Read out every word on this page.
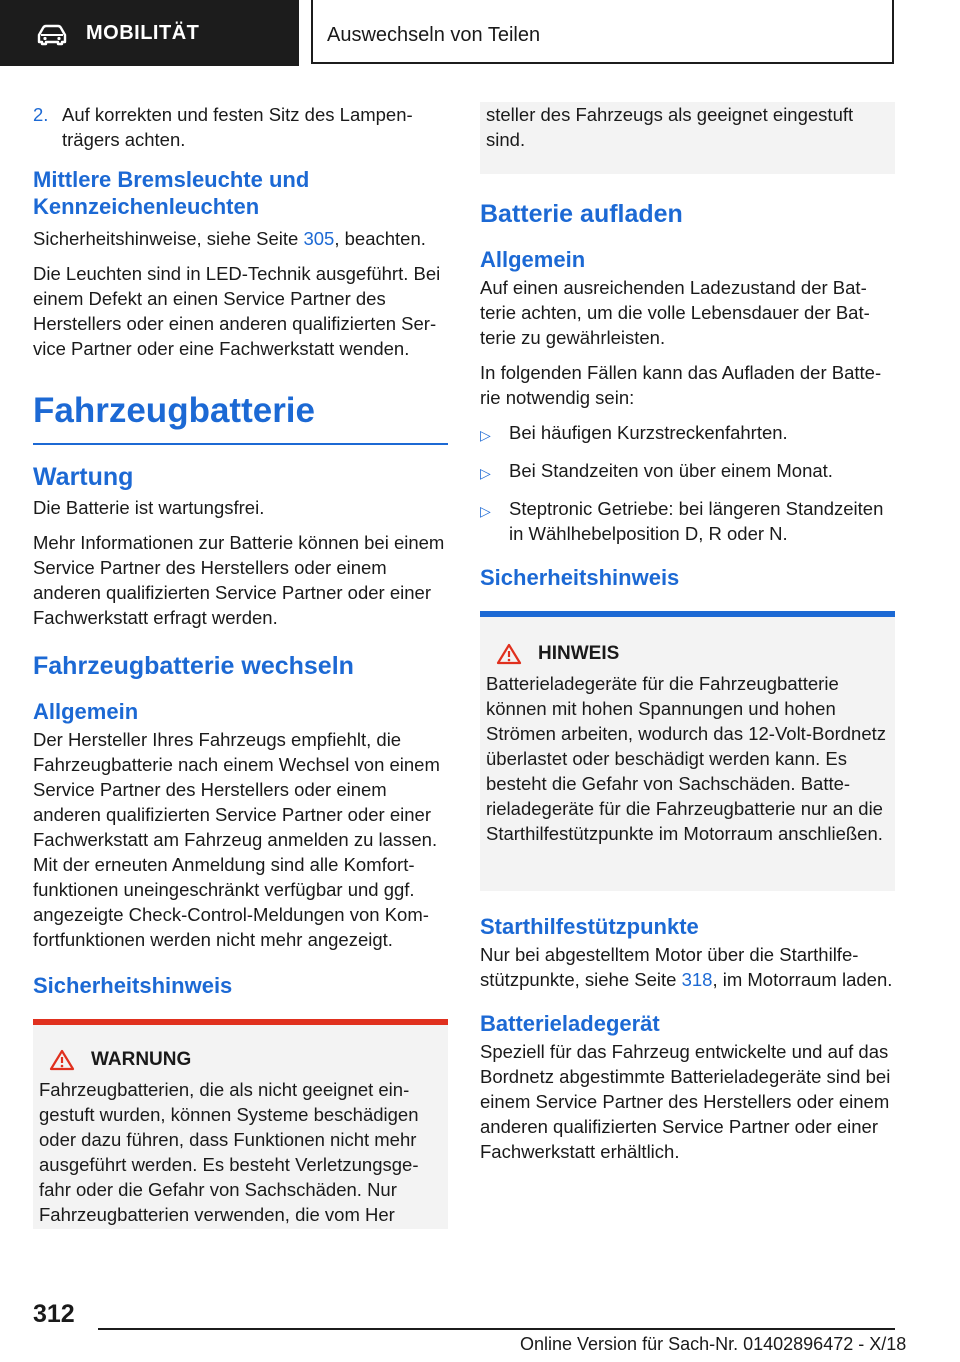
MOBILITÄT	Auswechseln von Teilen
2. Auf korrekten und festen Sitz des Lampenträgers achten.
Mittlere Bremsleuchte und Kennzeichenleuchten

Sicherheitshinweise, siehe Seite 305, beachten.

Die Leuchten sind in LED-Technik ausgeführt. Bei einem Defekt an einen Service Partner des Herstellers oder einen anderen qualifizierten Service Partner oder eine Fachwerkstatt wenden.

Fahrzeugbatterie
Wartung

Die Batterie ist wartungsfrei.

Mehr Informationen zur Batterie können bei einem Service Partner des Herstellers oder einem anderen qualifizierten Service Partner oder einer Fachwerkstatt erfragt werden.

Fahrzeugbatterie wechseln
Allgemein

Der Hersteller Ihres Fahrzeugs empfiehlt, die Fahrzeugbatterie nach einem Wechsel von einem Service Partner des Herstellers oder einem anderen qualifizierten Service Partner oder einer Fachwerkstatt am Fahrzeug anmelden zu lassen. Mit der erneuten Anmeldung sind alle Komfortfunktionen uneingeschränkt verfügbar und ggf. angezeigte Check-Control-Meldungen von Komfortfunktionen werden nicht mehr angezeigt.

Sicherheitshinweis
WARNUNG

Fahrzeugbatterien, die als nicht geeignet eingestuft wurden, können Systeme beschädigen oder dazu führen, dass Funktionen nicht mehr ausgeführt werden. Es besteht Verletzungsgefahr oder die Gefahr von Sachschäden. Nur Fahrzeugbatterien verwenden, die vom Her

steller des Fahrzeugs als geeignet eingestuft sind.

Batterie aufladen
Allgemein

Auf einen ausreichenden Ladezustand der Batterie achten, um die volle Lebensdauer der Batterie zu gewährleisten.

In folgenden Fällen kann das Aufladen der Batterie notwendig sein:

▷ Bei häufigen Kurzstreckenfahrten.
▷ Bei Standzeiten von über einem Monat.
▷ Steptronic Getriebe: bei längeren Standzeiten in Wählhebelposition D, R oder N.
Sicherheitshinweis
HINWEIS

Batterieladegeräte für die Fahrzeugbatterie können mit hohen Spannungen und hohen Strömen arbeiten, wodurch das 12-Volt-Bordnetz überlastet oder beschädigt werden kann. Es besteht die Gefahr von Sachschäden. Batterieladegeräte für die Fahrzeugbatterie nur an die Starthilfestützpunkte im Motorraum anschließen.

Starthilfestützpunkte

Nur bei abgestelltem Motor über die Starthilfestützpunkte, siehe Seite 318, im Motorraum laden.

Batterieladegerät

Speziell für das Fahrzeug entwickelte und auf das Bordnetz abgestimmte Batterieladegeräte sind bei einem Service Partner des Herstellers oder einem anderen qualifizierten Service Partner oder einer Fachwerkstatt erhältlich.

312
Online Version für Sach-Nr. 01402896472 - X/18
